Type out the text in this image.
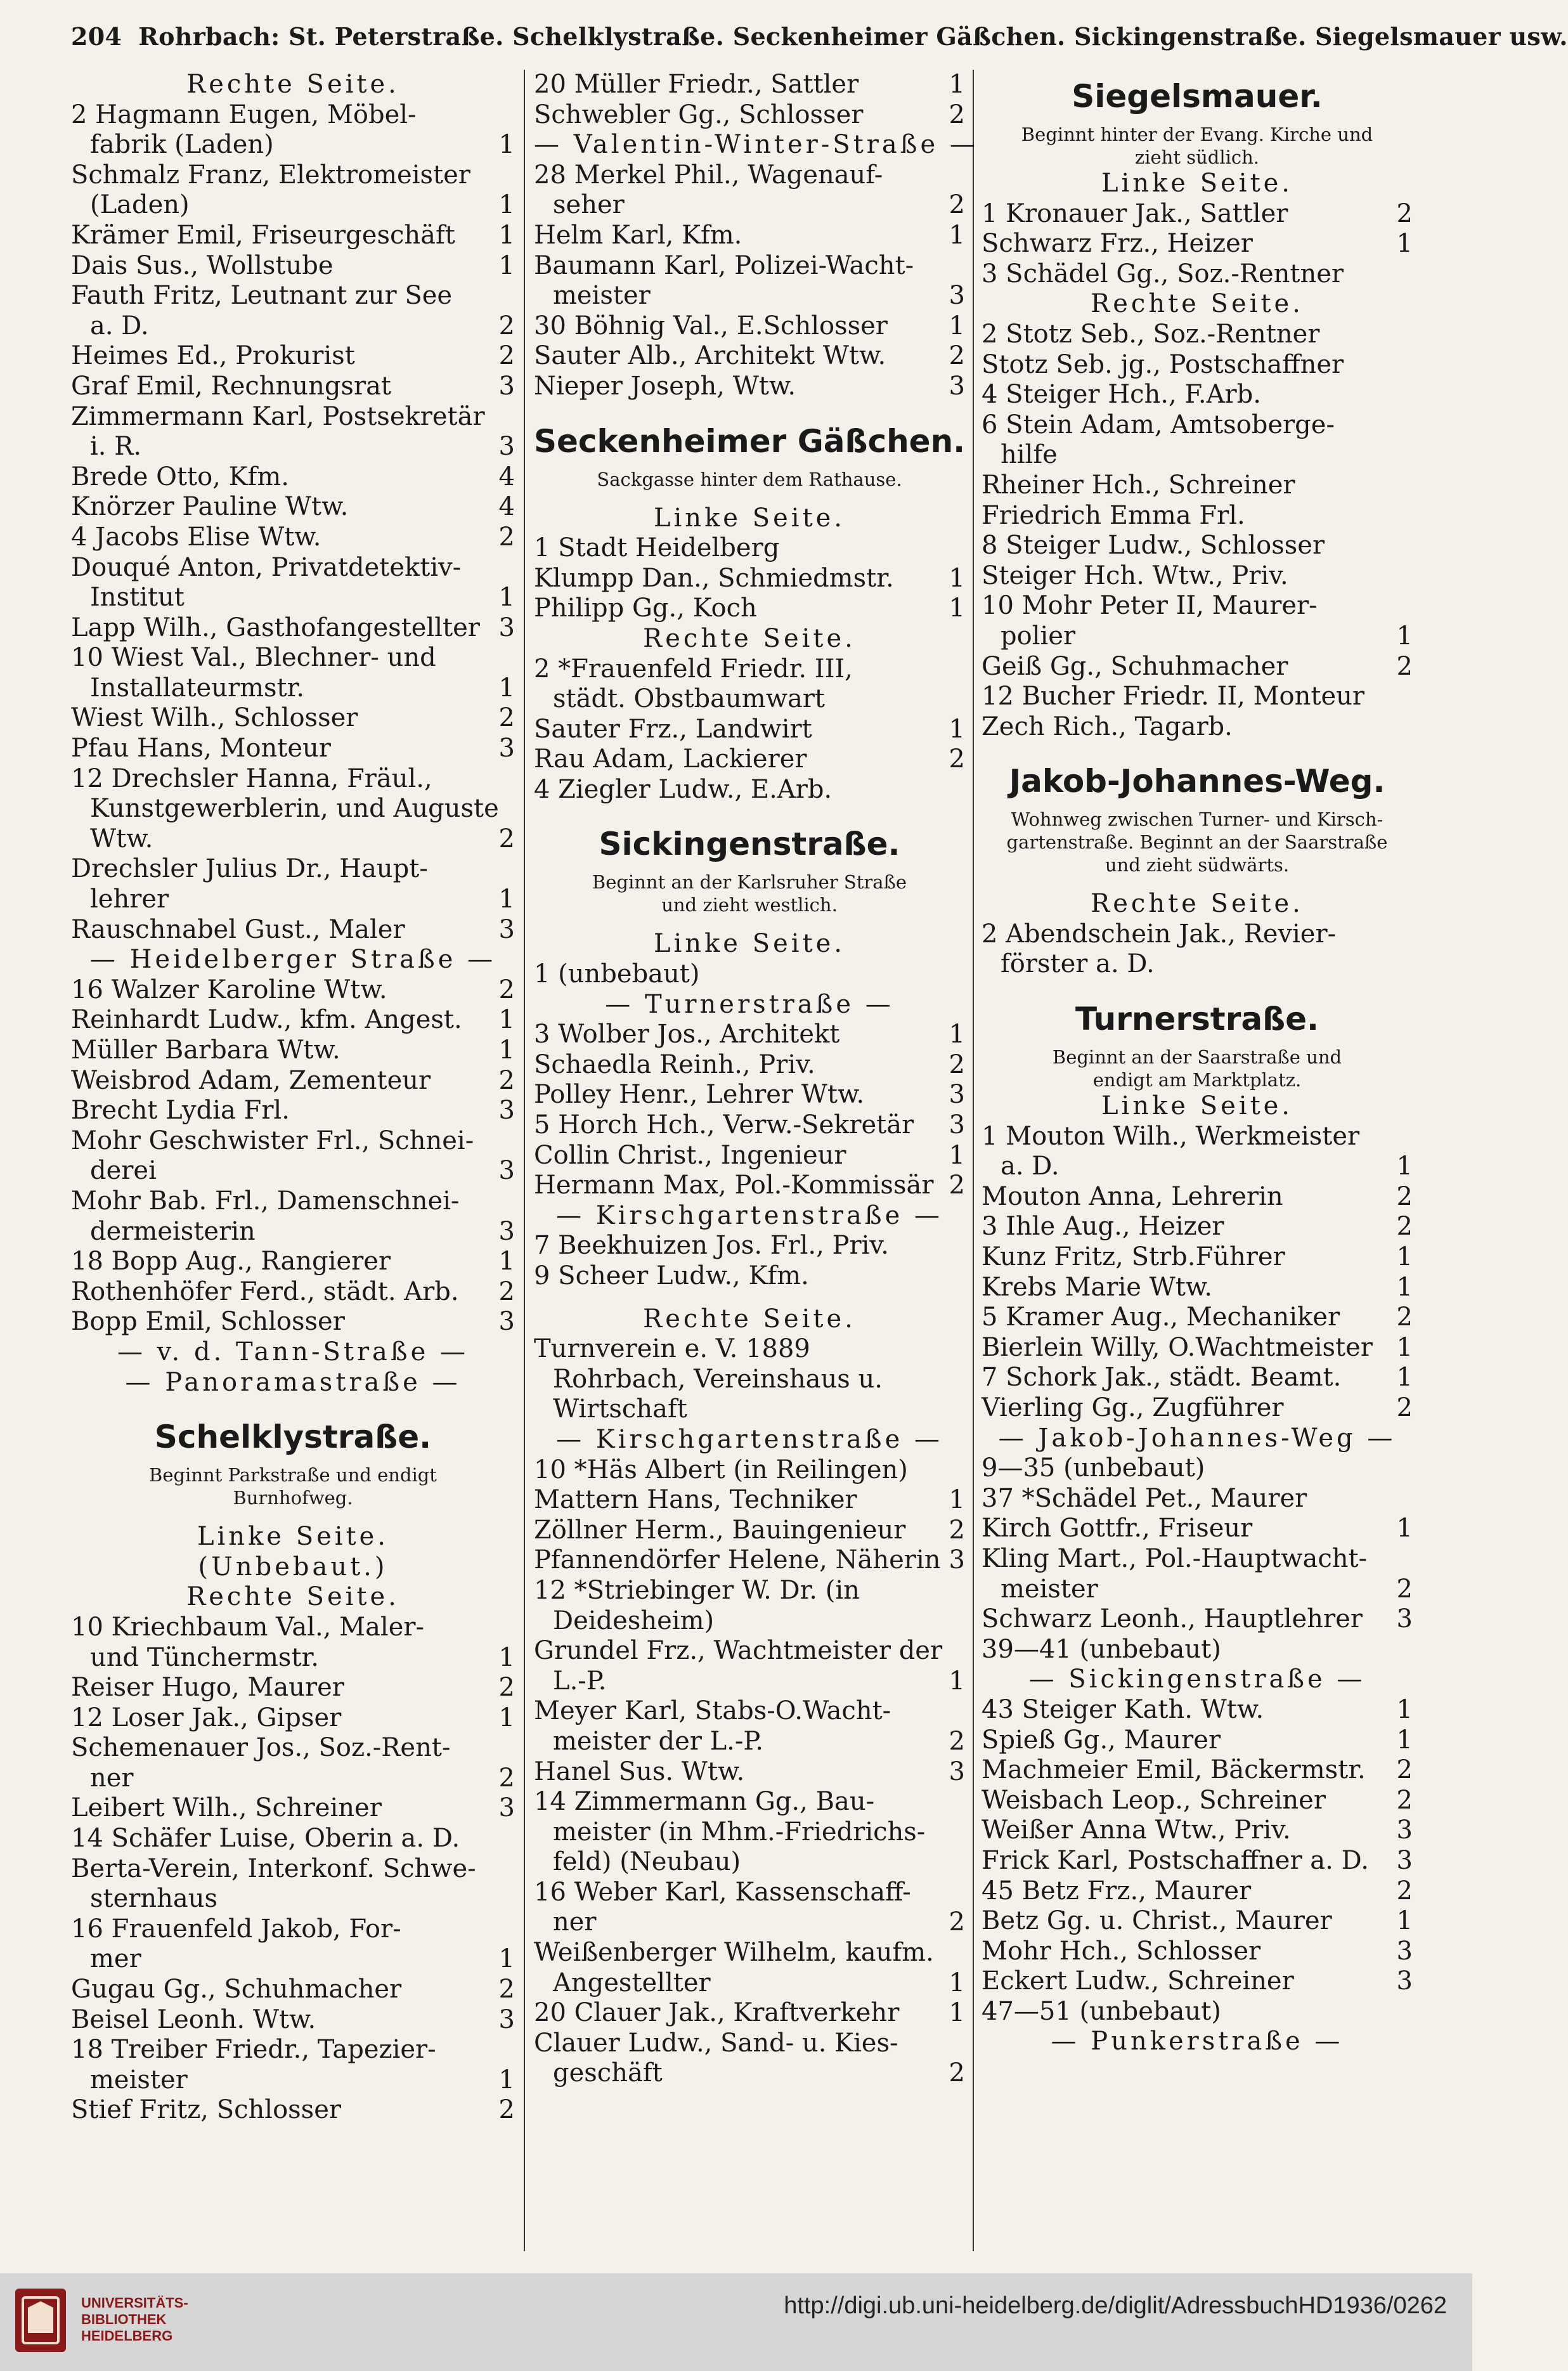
204 Rohrbach: St. Peterstraße. Schelklystraße. Seckenheimer Gäßchen. Sickingenstraße. Siegelsmauer usw.
Rechte Seite.
2 Hagmann Eugen, Möbel-
fabrik (Laden)	1
Schmalz Franz, Elektromeister
(Laden)	1
Krämer Emil, Friseurgeschäft 1
Dais Sus., Wollstube	1
Fauth Fritz, Leutnant zur See
a. D.	2
Heimes Ed., Prokurist	2
Graf Emil, Rechnungsrat	3
Zimmermann Karl, Postsekretär
i. R.	3
Brede Otto, Kfm.	4
Knörzer Pauline Wtw.	4
4 Jacobs Elise Wtw.	2
Douqué Anton, Privatdetektiv-
Institut	1
Lapp Wilh., Gasthofangestellter 3
10 Wiest Val., Blechner- und
Installateurmstr.	1
Wiest Wilh., Schlosser	2
Pfau Hans, Monteur	3
12 Drechsler Hanna, Fräul.,
Kunstgewerblerin, und Auguste
Wtw.	2
Drechsler Julius Dr., Haupt-
lehrer	1
Rauschnabel Gust., Maler	3
— Heidelberger Straße —
16 Walzer Karoline Wtw.	2
Reinhardt Ludw., kfm. Angest. 1
Müller Barbara Wtw.	1
Weisbrod Adam, Zementeur	2
Brecht Lydia Frl.	3
Mohr Geschwister Frl., Schnei-
derei	3
Mohr Bab. Frl., Damenschnei-
dermeisterin	3
18 Bopp Aug., Rangierer	1
Rothenhöfer Ferd., städt. Arb. 2
Bopp Emil, Schlosser	3
— v. d. Tann-Straße —
— Panoramastraße —
Schelklystraße.
Beginnt Parkstraße und endigt
Burnhofweg.
Linke Seite.
(Unbebaut.)
Rechte Seite.
10 Kriechbaum Val., Maler-
und Tünchermstr.	1
Reiser Hugo, Maurer	2
12 Loser Jak., Gipser	1
Schemenauer Jos., Soz.-Rent-
ner	2
Leibert Wilh., Schreiner	3
14 Schäfer Luise, Oberin a. D.
Berta-Verein, Interkonf. Schwe-
sternhaus
16 Frauenfeld Jakob, For-
mer	1
Gugau Gg., Schuhmacher	2
Beisel Leonh. Wtw.	3
18 Treiber Friedr., Tapezier-
meister	1
Stief Fritz, Schlosser	2
20 Müller Friedr., Sattler	1
Schwebler Gg., Schlosser	2
— Valentin-Winter-Straße —
28 Merkel Phil., Wagenauf-
seher	2
Helm Karl, Kfm.	1
Baumann Karl, Polizei-Wacht-
meister	3
30 Böhnig Val., E.Schlosser 1
Sauter Alb., Architekt Wtw. 2
Nieper Joseph, Wtw.	3
Seckenheimer Gäßchen.
Sackgasse hinter dem Rathause.
Linke Seite.
1 Stadt Heidelberg
Klumpp Dan., Schmiedmstr. 1
Philipp Gg., Koch	1
Rechte Seite.
2 *Frauenfeld Friedr. III,
städt. Obstbaumwart
Sauter Frz., Landwirt	1
Rau Adam, Lackierer	2
4 Ziegler Ludw., E.Arb.
Sickingenstraße.
Beginnt an der Karlsruher Straße
und zieht westlich.
Linke Seite.
1 (unbebaut)
— Turnerstraße —
3 Wolber Jos., Architekt	1
Schaedla Reinh., Priv.	2
Polley Henr., Lehrer Wtw.	3
5 Horch Hch., Verw.-Sekretär 3
Collin Christ., Ingenieur	1
Hermann Max, Pol.-Kommissär 2
— Kirschgartenstraße —
7 Beekhuizen Jos. Frl., Priv.
9 Scheer Ludw., Kfm.
Rechte Seite.
Turnverein e. V. 1889
Rohrbach, Vereinshaus u.
Wirtschaft
— Kirschgartenstraße —
10 *Häs Albert (in Reilingen)
Mattern Hans, Techniker	1
Zöllner Herm., Bauingenieur 2
Pfannendörfer Helene, Näherin 3
12 *Striebinger W. Dr. (in
Deidesheim)
Grundel Frz., Wachtmeister der
L.-P.	1
Meyer Karl, Stabs-O.Wacht-
meister der L.-P.	2
Hanel Sus. Wtw.	3
14 Zimmermann Gg., Bau-
meister (in Mhm.-Friedrichs-
feld) (Neubau)
16 Weber Karl, Kassenschaff-
ner	2
Weißenberger Wilhelm, kaufm.
Angestellter	1
20 Clauer Jak., Kraftverkehr 1
Clauer Ludw., Sand- u. Kies-
geschäft	2
Siegelsmauer.
Beginnt hinter der Evang. Kirche und
zieht südlich.
Linke Seite.
1 Kronauer Jak., Sattler	2
Schwarz Frz., Heizer	1
3 Schädel Gg., Soz.-Rentner
Rechte Seite.
2 Stotz Seb., Soz.-Rentner
Stotz Seb. jg., Postschaffner
4 Steiger Hch., F.Arb.
6 Stein Adam, Amtsoberge-
hilfe
Rheiner Hch., Schreiner
Friedrich Emma Frl.
8 Steiger Ludw., Schlosser
Steiger Hch. Wtw., Priv.
10 Mohr Peter II, Maurer-
polier	1
Geiß Gg., Schuhmacher	2
12 Bucher Friedr. II, Monteur
Zech Rich., Tagarb.
Jakob-Johannes-Weg.
Wohnweg zwischen Turner- und Kirsch-
gartenstraße. Beginnt an der Saarstraße
und zieht südwärts.
Rechte Seite.
2 Abendschein Jak., Revier-
förster a. D.
Turnerstraße.
Beginnt an der Saarstraße und
endigt am Marktplatz.
Linke Seite.
1 Mouton Wilh., Werkmeister
a. D.	1
Mouton Anna, Lehrerin	2
3 Ihle Aug., Heizer	2
Kunz Fritz, Strb.Führer	1
Krebs Marie Wtw.	1
5 Kramer Aug., Mechaniker 2
Bierlein Willy, O.Wachtmeister 1
7 Schork Jak., städt. Beamt. 1
Vierling Gg., Zugführer	2
— Jakob-Johannes-Weg —
9—35 (unbebaut)
37 *Schädel Pet., Maurer
Kirch Gottfr., Friseur	1
Kling Mart., Pol.-Hauptwacht-
meister	2
Schwarz Leonh., Hauptlehrer 3
39—41 (unbebaut)
— Sickingenstraße —
43 Steiger Kath. Wtw.	1
Spieß Gg., Maurer	1
Machmeier Emil, Bäckermstr. 2
Weisbach Leop., Schreiner	2
Weißer Anna Wtw., Priv.	3
Frick Karl, Postschaffner a. D. 3
45 Betz Frz., Maurer	2
Betz Gg. u. Christ., Maurer	1
Mohr Hch., Schlosser	3
Eckert Ludw., Schreiner	3
47—51 (unbebaut)
— Punkerstraße —
UNIVERSITÄTS-
BIBLIOTHEK
HEIDELBERG
http://digi.ub.uni-heidelberg.de/diglit/AdressbuchHD1936/0262
